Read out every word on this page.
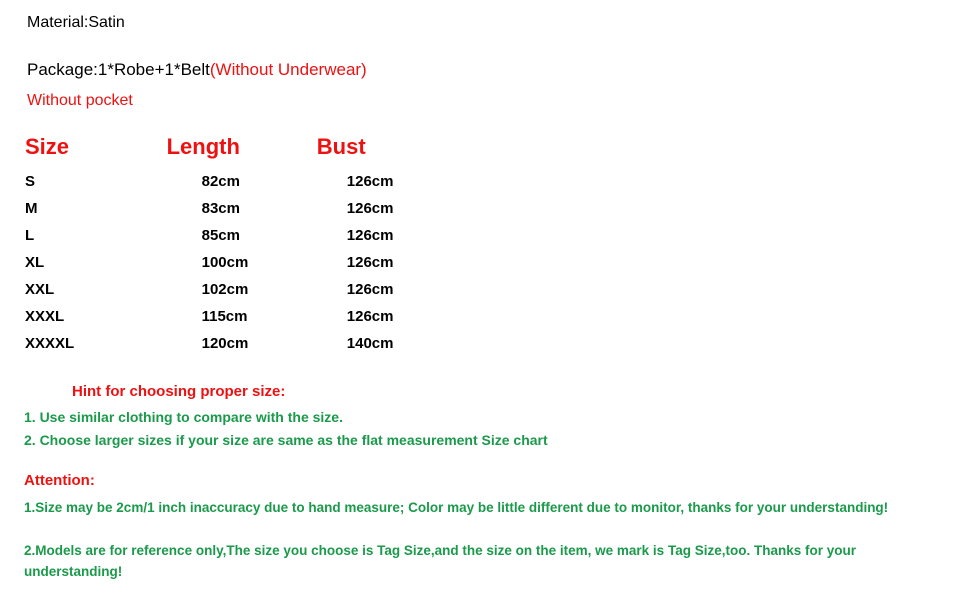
Material:Satin
Package:1*Robe+1*Belt(Without Underwear)
Without pocket
Size	Length	Bust
S	82cm	126cm
M	83cm	126cm
L	85cm	126cm
XL	100cm	126cm
XXL	102cm	126cm
XXXL	115cm	126cm
XXXXL	120cm	140cm
Hint for choosing proper size:
1. Use similar clothing to compare with the size.
2. Choose larger sizes if your size are same as the flat measurement Size chart
Attention:
1.Size may be 2cm/1 inch inaccuracy due to hand measure; Color may be little different due to monitor, thanks for your understanding!
2.Models are for reference only,The size you choose is Tag Size,and the size on the item, we mark is Tag Size,too. Thanks for your understanding!
